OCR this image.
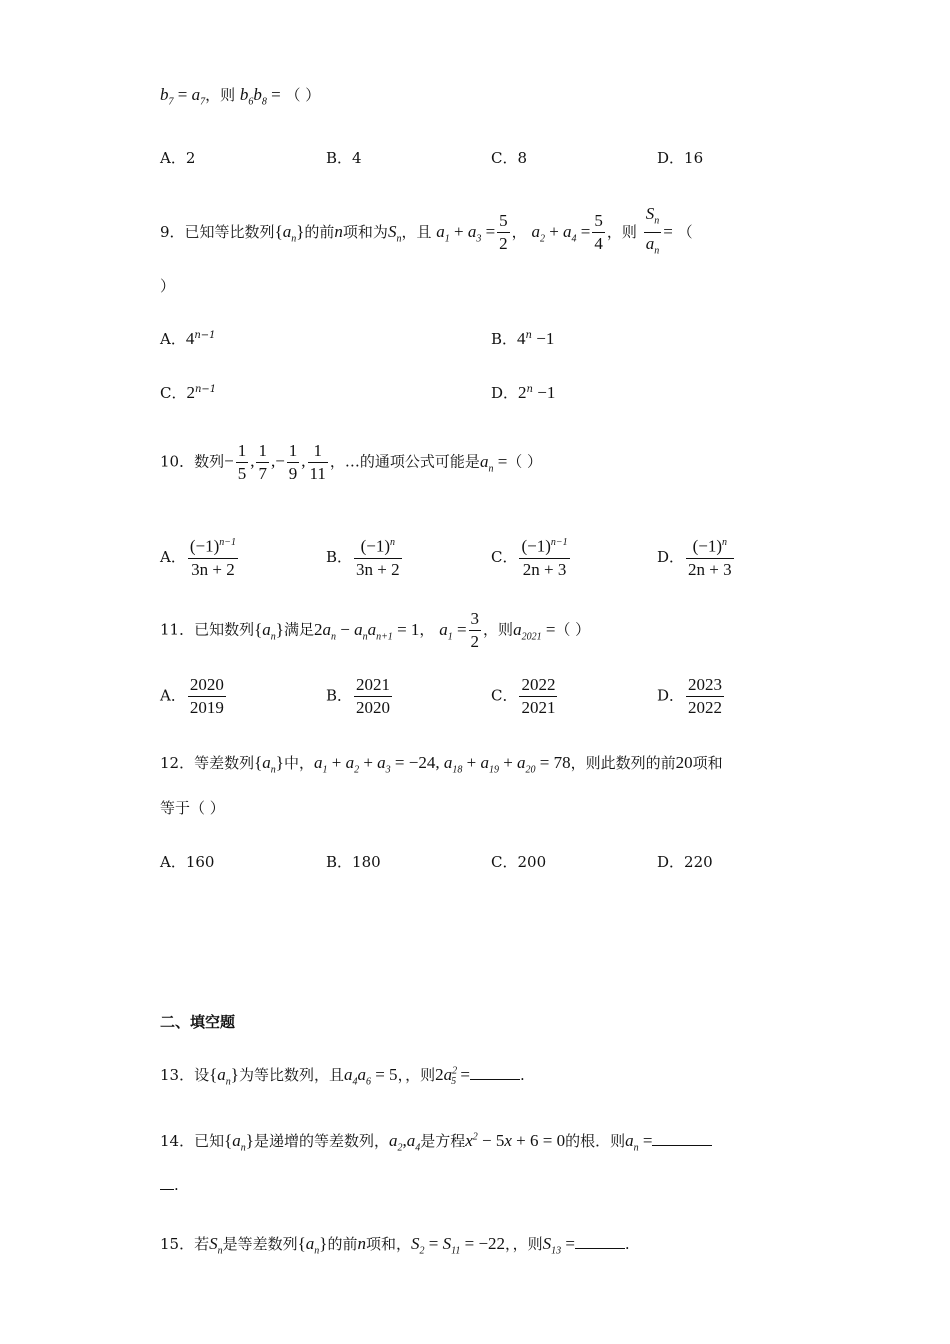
$b_7 = a_7$，则 $b_6b_8$ = （ ）
A．2	B．4	C．8	D．16
9．已知等比数列$\{a_n\}$的前n项和为$S_n$，且 $a_1 + a_3 = \frac{5}{2}$ ， $a_2 + a_4 = \frac{5}{4}$ ，则 $\frac{S_n}{a_n}$ = （
）
A．$4^{n-1}$	B．$4^n -1$
C．$2^{n-1}$	D．$2^n -1$
10．数列− $\frac{1}{5}$ , $\frac{1}{7}$ ,− $\frac{1}{9}$ , $\frac{1}{11}$ ，…的通项公式可能是$a_n$ =（ ）
A． $\frac{(-1)^{n-1}}{3n + 2}$	B． $\frac{(-1)^n}{3n + 2}$	C． $\frac{(-1)^{n-1}}{2n + 3}$	D． $\frac{(-1)^n}{2n + 3}$
11．已知数列$\{a_n\}$满足$2a_n - a_na_{n+1} = 1$， $a_1 = \frac{3}{2}$ ，则$a_{2021}$ =（ ）
A． $\frac{2020}{2019}$	B． $\frac{2021}{2020}$	C． $\frac{2022}{2021}$	D． $\frac{2023}{2022}$
12．等差数列$\{a_n\}$中，$a_1 + a_2 + a_3 = -24$, $a_{18} + a_{19} + a_{20} = 78$，则此数列的前20项和
等于（ ）
A．160	B．180	C．200	D．220
二、填空题
13．设$\{a_n\}$为等比数列，且$a_4a_6 = 5$，，则$2a^2_5$ =	.
14．已知$\{a_n\}$是递增的等差数列，$a_2,a_4$是方程$x^2 - 5x + 6 = 0$的根．则$a_n$ =
.
15．若$S_n$是等差数列$\{a_n\}$的前n项和，$S_2 = S_{11} = -22$，，则$S_{13}$ =	.
